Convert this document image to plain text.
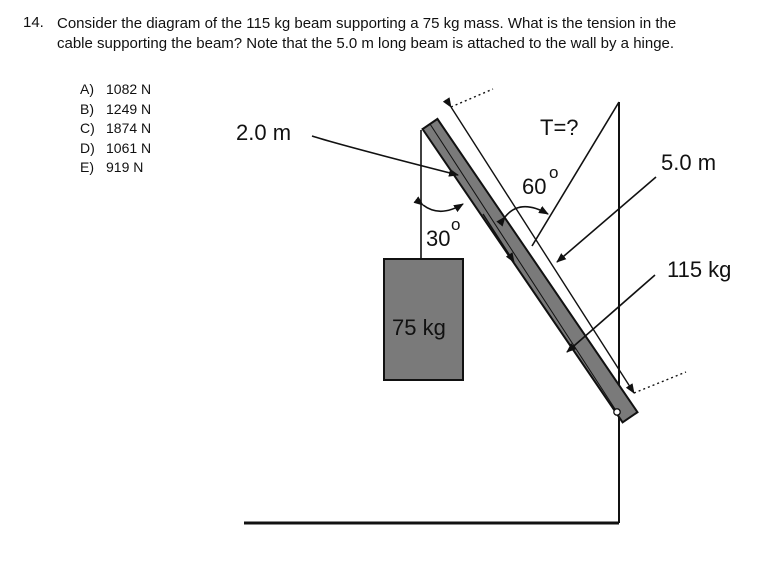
14. Consider the diagram of the 115 kg beam supporting a 75 kg mass. What is the tension in the
cable supporting the beam? Note that the 5.0 m long beam is attached to the wall by a hinge.
A) 1082 N
B) 1249 N
C) 1874 N
D) 1061 N
E) 919 N
75 kg
2.0 m	T=?
60
o
30
o
5.0 m
115 kg
